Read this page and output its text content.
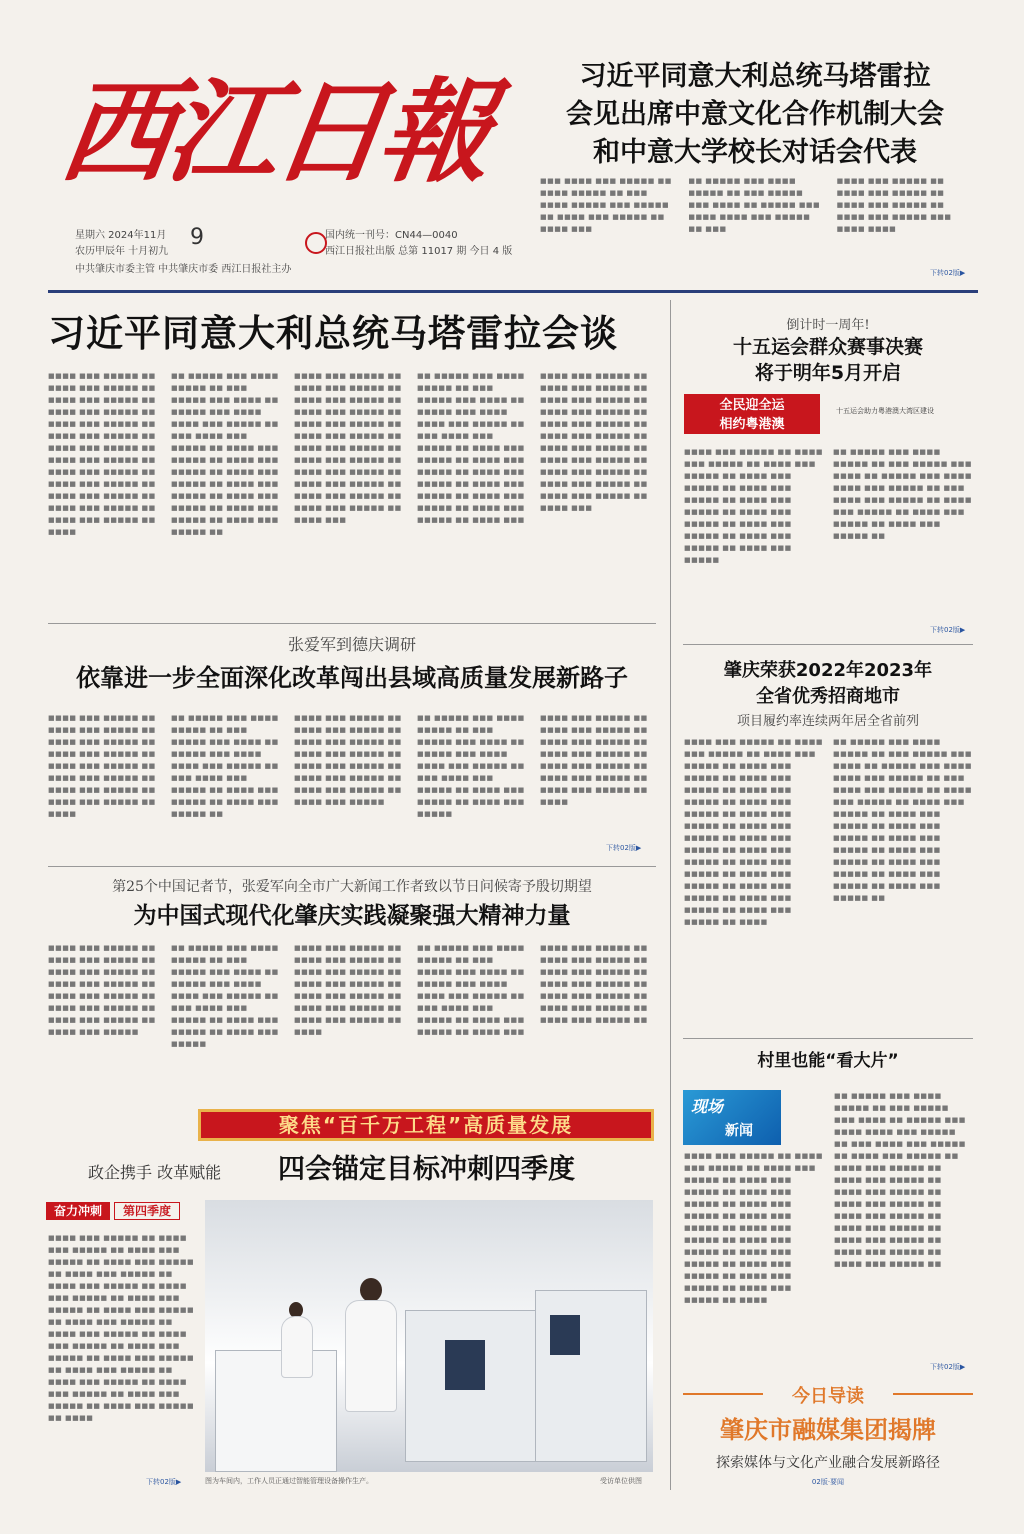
西江日報
星期六 2024年11月
农历甲辰年 十月初九
9	国内统一刊号：CN44—0040
西江日报社出版 总第 11017 期 今日 4 版
中共肇庆市委主管 中共肇庆市委 西江日报社主办
习近平同意大利总统马塔雷拉
会见出席中意文化合作机制大会
和中意大学校长对话会代表
■■■ ■■■■ ■■■ ■■■■■ ■■ ■■■■ ■■■■■ ■■ ■■■ ■■■■ ■■■■■ ■■■ ■■■■■ ■■ ■■■■ ■■■ ■■■■■ ■■ ■■■■ ■■■
■■ ■■■■■ ■■■ ■■■■ ■■■■■ ■■ ■■■ ■■■■■ ■■■ ■■■■ ■■ ■■■■■ ■■■ ■■■■ ■■■■ ■■■ ■■■■■ ■■ ■■■
■■■■ ■■■ ■■■■■ ■■ ■■■■ ■■■ ■■■■■ ■■ ■■■■ ■■■ ■■■■■ ■■ ■■■■ ■■■ ■■■■■ ■■■ ■■■■ ■■■■
下转02版▶
习近平同意大利总统马塔雷拉会谈
■■■■ ■■■ ■■■■■ ■■ ■■■■ ■■■ ■■■■■ ■■ ■■■■ ■■■ ■■■■■ ■■ ■■■■ ■■■ ■■■■■ ■■ ■■■■ ■■■ ■■■■■ ■■ ■■■■ ■■■ ■■■■■ ■■ ■■■■ ■■■ ■■■■■ ■■ ■■■■ ■■■ ■■■■■ ■■ ■■■■ ■■■ ■■■■■ ■■ ■■■■ ■■■ ■■■■■ ■■ ■■■■ ■■■ ■■■■■ ■■ ■■■■ ■■■ ■■■■■ ■■ ■■■■ ■■■ ■■■■■ ■■ ■■■■
■■ ■■■■■ ■■■ ■■■■ ■■■■■ ■■ ■■■ ■■■■■ ■■■ ■■■■ ■■ ■■■■■ ■■■ ■■■■ ■■■■ ■■■ ■■■■■ ■■ ■■■ ■■■■ ■■■ ■■■■■ ■■ ■■■■ ■■■ ■■■■■ ■■ ■■■■ ■■■ ■■■■■ ■■ ■■■■ ■■■ ■■■■■ ■■ ■■■■ ■■■ ■■■■■ ■■ ■■■■ ■■■ ■■■■■ ■■ ■■■■ ■■■ ■■■■■ ■■ ■■■■ ■■■ ■■■■■ ■■
■■■■ ■■■ ■■■■■ ■■ ■■■■ ■■■ ■■■■■ ■■ ■■■■ ■■■ ■■■■■ ■■ ■■■■ ■■■ ■■■■■ ■■ ■■■■ ■■■ ■■■■■ ■■ ■■■■ ■■■ ■■■■■ ■■ ■■■■ ■■■ ■■■■■ ■■ ■■■■ ■■■ ■■■■■ ■■ ■■■■ ■■■ ■■■■■ ■■ ■■■■ ■■■ ■■■■■ ■■ ■■■■ ■■■ ■■■■■ ■■ ■■■■ ■■■ ■■■■■ ■■ ■■■■ ■■■
■■ ■■■■■ ■■■ ■■■■ ■■■■■ ■■ ■■■ ■■■■■ ■■■ ■■■■ ■■ ■■■■■ ■■■ ■■■■ ■■■■ ■■■ ■■■■■ ■■ ■■■ ■■■■ ■■■ ■■■■■ ■■ ■■■■ ■■■ ■■■■■ ■■ ■■■■ ■■■ ■■■■■ ■■ ■■■■ ■■■ ■■■■■ ■■ ■■■■ ■■■ ■■■■■ ■■ ■■■■ ■■■ ■■■■■ ■■ ■■■■ ■■■ ■■■■■ ■■ ■■■■ ■■■
■■■■ ■■■ ■■■■■ ■■ ■■■■ ■■■ ■■■■■ ■■ ■■■■ ■■■ ■■■■■ ■■ ■■■■ ■■■ ■■■■■ ■■ ■■■■ ■■■ ■■■■■ ■■ ■■■■ ■■■ ■■■■■ ■■ ■■■■ ■■■ ■■■■■ ■■ ■■■■ ■■■ ■■■■■ ■■ ■■■■ ■■■ ■■■■■ ■■ ■■■■ ■■■ ■■■■■ ■■ ■■■■ ■■■ ■■■■■ ■■ ■■■■ ■■■
张爱军到德庆调研
依靠进一步全面深化改革闯出县域高质量发展新路子
■■■■ ■■■ ■■■■■ ■■ ■■■■ ■■■ ■■■■■ ■■ ■■■■ ■■■ ■■■■■ ■■ ■■■■ ■■■ ■■■■■ ■■ ■■■■ ■■■ ■■■■■ ■■ ■■■■ ■■■ ■■■■■ ■■ ■■■■ ■■■ ■■■■■ ■■ ■■■■ ■■■ ■■■■■ ■■ ■■■■
■■ ■■■■■ ■■■ ■■■■ ■■■■■ ■■ ■■■ ■■■■■ ■■■ ■■■■ ■■ ■■■■■ ■■■ ■■■■ ■■■■ ■■■ ■■■■■ ■■ ■■■ ■■■■ ■■■ ■■■■■ ■■ ■■■■ ■■■ ■■■■■ ■■ ■■■■ ■■■ ■■■■■ ■■
■■■■ ■■■ ■■■■■ ■■ ■■■■ ■■■ ■■■■■ ■■ ■■■■ ■■■ ■■■■■ ■■ ■■■■ ■■■ ■■■■■ ■■ ■■■■ ■■■ ■■■■■ ■■ ■■■■ ■■■ ■■■■■ ■■ ■■■■ ■■■ ■■■■■ ■■ ■■■■ ■■■ ■■■■■
■■ ■■■■■ ■■■ ■■■■ ■■■■■ ■■ ■■■ ■■■■■ ■■■ ■■■■ ■■ ■■■■■ ■■■ ■■■■ ■■■■ ■■■ ■■■■■ ■■ ■■■ ■■■■ ■■■ ■■■■■ ■■ ■■■■ ■■■ ■■■■■ ■■ ■■■■ ■■■ ■■■■■
■■■■ ■■■ ■■■■■ ■■ ■■■■ ■■■ ■■■■■ ■■ ■■■■ ■■■ ■■■■■ ■■ ■■■■ ■■■ ■■■■■ ■■ ■■■■ ■■■ ■■■■■ ■■ ■■■■ ■■■ ■■■■■ ■■ ■■■■ ■■■ ■■■■■ ■■ ■■■■
下转02版▶
第25个中国记者节，张爱军向全市广大新闻工作者致以节日问候寄予殷切期望
为中国式现代化肇庆实践凝聚强大精神力量
■■■■ ■■■ ■■■■■ ■■ ■■■■ ■■■ ■■■■■ ■■ ■■■■ ■■■ ■■■■■ ■■ ■■■■ ■■■ ■■■■■ ■■ ■■■■ ■■■ ■■■■■ ■■ ■■■■ ■■■ ■■■■■ ■■ ■■■■ ■■■ ■■■■■ ■■ ■■■■ ■■■ ■■■■■
■■ ■■■■■ ■■■ ■■■■ ■■■■■ ■■ ■■■ ■■■■■ ■■■ ■■■■ ■■ ■■■■■ ■■■ ■■■■ ■■■■ ■■■ ■■■■■ ■■ ■■■ ■■■■ ■■■ ■■■■■ ■■ ■■■■ ■■■ ■■■■■ ■■ ■■■■ ■■■ ■■■■■
■■■■ ■■■ ■■■■■ ■■ ■■■■ ■■■ ■■■■■ ■■ ■■■■ ■■■ ■■■■■ ■■ ■■■■ ■■■ ■■■■■ ■■ ■■■■ ■■■ ■■■■■ ■■ ■■■■ ■■■ ■■■■■ ■■ ■■■■ ■■■ ■■■■■ ■■ ■■■■
■■ ■■■■■ ■■■ ■■■■ ■■■■■ ■■ ■■■ ■■■■■ ■■■ ■■■■ ■■ ■■■■■ ■■■ ■■■■ ■■■■ ■■■ ■■■■■ ■■ ■■■ ■■■■ ■■■ ■■■■■ ■■ ■■■■ ■■■ ■■■■■ ■■ ■■■■ ■■■
■■■■ ■■■ ■■■■■ ■■ ■■■■ ■■■ ■■■■■ ■■ ■■■■ ■■■ ■■■■■ ■■ ■■■■ ■■■ ■■■■■ ■■ ■■■■ ■■■ ■■■■■ ■■ ■■■■ ■■■ ■■■■■ ■■ ■■■■ ■■■ ■■■■■ ■■
聚焦“百千万工程”高质量发展
政企携手 改革赋能 四会锚定目标冲刺四季度
奋力冲刺	第四季度
■■■■ ■■■ ■■■■■ ■■ ■■■■ ■■■ ■■■■■ ■■ ■■■■ ■■■ ■■■■■ ■■ ■■■■ ■■■ ■■■■■ ■■ ■■■■ ■■■ ■■■■■ ■■ ■■■■ ■■■ ■■■■■ ■■ ■■■■ ■■■ ■■■■■ ■■ ■■■■ ■■■ ■■■■■ ■■ ■■■■ ■■■ ■■■■■ ■■ ■■■■ ■■■ ■■■■■ ■■ ■■■■ ■■■ ■■■■■ ■■ ■■■■ ■■■ ■■■■■ ■■ ■■■■ ■■■ ■■■■■ ■■ ■■■■ ■■■ ■■■■■ ■■ ■■■■ ■■■ ■■■■■ ■■ ■■■■ ■■■ ■■■■■ ■■ ■■■■ ■■■ ■■■■■ ■■ ■■■■ ■■■ ■■■■■ ■■ ■■■■ ■■■ ■■■■■ ■■ ■■■■
下转02版▶	图为车间内，工作人员正通过智能管理设备操作生产。	受访单位供图
倒计时一周年!
十五运会群众赛事决赛
将于明年5月开启
全民迎全运
相约粤港澳
十五运会助力粤港澳大湾区建设
■■■■ ■■■ ■■■■■ ■■ ■■■■ ■■■ ■■■■■ ■■ ■■■■ ■■■ ■■■■■ ■■ ■■■■ ■■■ ■■■■■ ■■ ■■■■ ■■■ ■■■■■ ■■ ■■■■ ■■■ ■■■■■ ■■ ■■■■ ■■■ ■■■■■ ■■ ■■■■ ■■■ ■■■■■ ■■ ■■■■ ■■■ ■■■■■ ■■ ■■■■ ■■■ ■■■■■
■■ ■■■■■ ■■■ ■■■■ ■■■■■ ■■ ■■■ ■■■■■ ■■■ ■■■■ ■■ ■■■■■ ■■■ ■■■■ ■■■■ ■■■ ■■■■■ ■■ ■■■ ■■■■ ■■■ ■■■■■ ■■ ■■■■ ■■■ ■■■■■ ■■ ■■■■ ■■■ ■■■■■ ■■ ■■■■ ■■■ ■■■■■ ■■
下转02版▶
肇庆荣获2022年2023年
全省优秀招商地市
项目履约率连续两年居全省前列
■■■■ ■■■ ■■■■■ ■■ ■■■■ ■■■ ■■■■■ ■■ ■■■■ ■■■ ■■■■■ ■■ ■■■■ ■■■ ■■■■■ ■■ ■■■■ ■■■ ■■■■■ ■■ ■■■■ ■■■ ■■■■■ ■■ ■■■■ ■■■ ■■■■■ ■■ ■■■■ ■■■ ■■■■■ ■■ ■■■■ ■■■ ■■■■■ ■■ ■■■■ ■■■ ■■■■■ ■■ ■■■■ ■■■ ■■■■■ ■■ ■■■■ ■■■ ■■■■■ ■■ ■■■■ ■■■ ■■■■■ ■■ ■■■■ ■■■ ■■■■■ ■■ ■■■■ ■■■ ■■■■■ ■■ ■■■■ ■■■ ■■■■■ ■■ ■■■■
■■ ■■■■■ ■■■ ■■■■ ■■■■■ ■■ ■■■ ■■■■■ ■■■ ■■■■ ■■ ■■■■■ ■■■ ■■■■ ■■■■ ■■■ ■■■■■ ■■ ■■■ ■■■■ ■■■ ■■■■■ ■■ ■■■■ ■■■ ■■■■■ ■■ ■■■■ ■■■ ■■■■■ ■■ ■■■■ ■■■ ■■■■■ ■■ ■■■■ ■■■ ■■■■■ ■■ ■■■■ ■■■ ■■■■■ ■■ ■■■■ ■■■ ■■■■■ ■■ ■■■■ ■■■ ■■■■■ ■■ ■■■■ ■■■ ■■■■■ ■■ ■■■■ ■■■ ■■■■■ ■■
村里也能“看大片”
现场
新闻
■■■■ ■■■ ■■■■■ ■■ ■■■■ ■■■ ■■■■■ ■■ ■■■■ ■■■ ■■■■■ ■■ ■■■■ ■■■ ■■■■■ ■■ ■■■■ ■■■ ■■■■■ ■■ ■■■■ ■■■ ■■■■■ ■■ ■■■■ ■■■ ■■■■■ ■■ ■■■■ ■■■ ■■■■■ ■■ ■■■■ ■■■ ■■■■■ ■■ ■■■■ ■■■ ■■■■■ ■■ ■■■■ ■■■ ■■■■■ ■■ ■■■■ ■■■ ■■■■■ ■■ ■■■■ ■■■ ■■■■■ ■■ ■■■■
■■ ■■■■■ ■■■ ■■■■ ■■■■■ ■■ ■■■ ■■■■■ ■■■ ■■■■ ■■ ■■■■■ ■■■ ■■■■ ■■■■ ■■■ ■■■■■ ■■ ■■■ ■■■■ ■■■ ■■■■■ ■■ ■■■■ ■■■ ■■■■■ ■■ ■■■■ ■■■ ■■■■■ ■■ ■■■■ ■■■ ■■■■■ ■■ ■■■■ ■■■ ■■■■■ ■■ ■■■■ ■■■ ■■■■■ ■■ ■■■■ ■■■ ■■■■■ ■■ ■■■■ ■■■ ■■■■■ ■■ ■■■■ ■■■ ■■■■■ ■■ ■■■■ ■■■ ■■■■■ ■■ ■■■■ ■■■ ■■■■■ ■■
下转02版▶
今日导读
肇庆市融媒集团揭牌
探索媒体与文化产业融合发展新路径
02版·要闻
